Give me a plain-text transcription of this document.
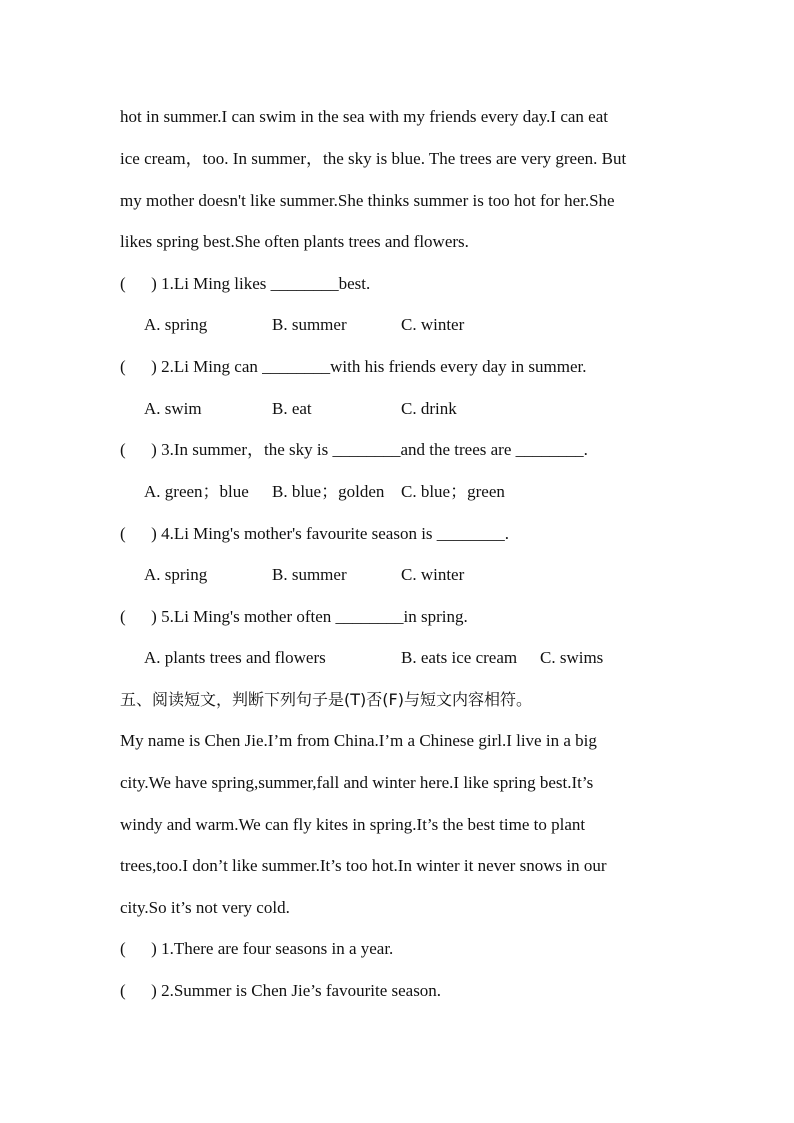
hot in summer.I can swim in the sea with my friends every day.I can eat
ice cream，too. In summer，the sky is blue. The trees are very green. But
my mother doesn't like summer.She thinks summer is too hot for her.She
likes spring best.She often plants trees and flowers.
(      ) 1.Li Ming likes ________best.
A. spring	B. summer	C. winter
(      ) 2.Li Ming can ________with his friends every day in summer.
A. swim	B. eat	C. drink
(      ) 3.In summer，the sky is ________and the trees are ________.
A. green；blue B. blue；golden C. blue；green
(      ) 4.Li Ming's mother's favourite season is ________.
A. spring	B. summer	C. winter
(      ) 5.Li Ming's mother often ________in spring.
A. plants trees and flowers	B. eats ice cream C. swims
五、阅读短文，判断下列句子是(T)否(F)与短文内容相符。
My name is Chen Jie.I’m from China.I’m a Chinese girl.I live in a big
city.We have spring,summer,fall and winter here.I like spring best.It’s
windy and warm.We can fly kites in spring.It’s the best time to plant
trees,too.I don’t like summer.It’s too hot.In winter it never snows in our
city.So it’s not very cold.
(      ) 1.There are four seasons in a year.
(      ) 2.Summer is Chen Jie’s favourite season.
